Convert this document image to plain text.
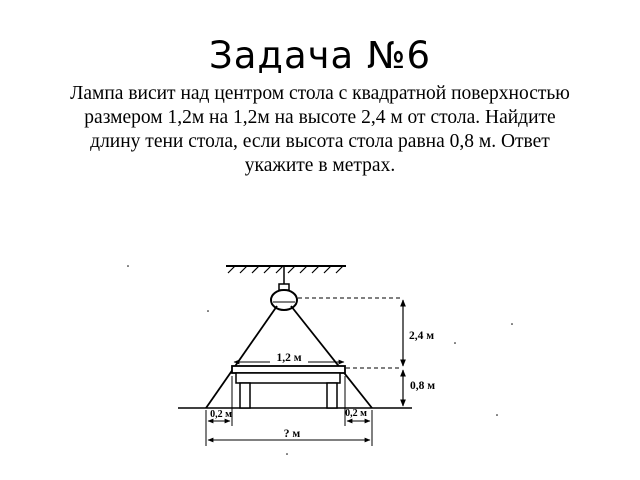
Задача №6
Лампа висит над центром стола с квадратной поверхностью
размером 1,2м на 1,2м на высоте 2,4 м от стола. Найдите
длину тени стола, если высота стола равна 0,8 м. Ответ
укажите в метрах.
1,2 м
2,4 м
0,8 м
0,2 м	0,2 м
? м
